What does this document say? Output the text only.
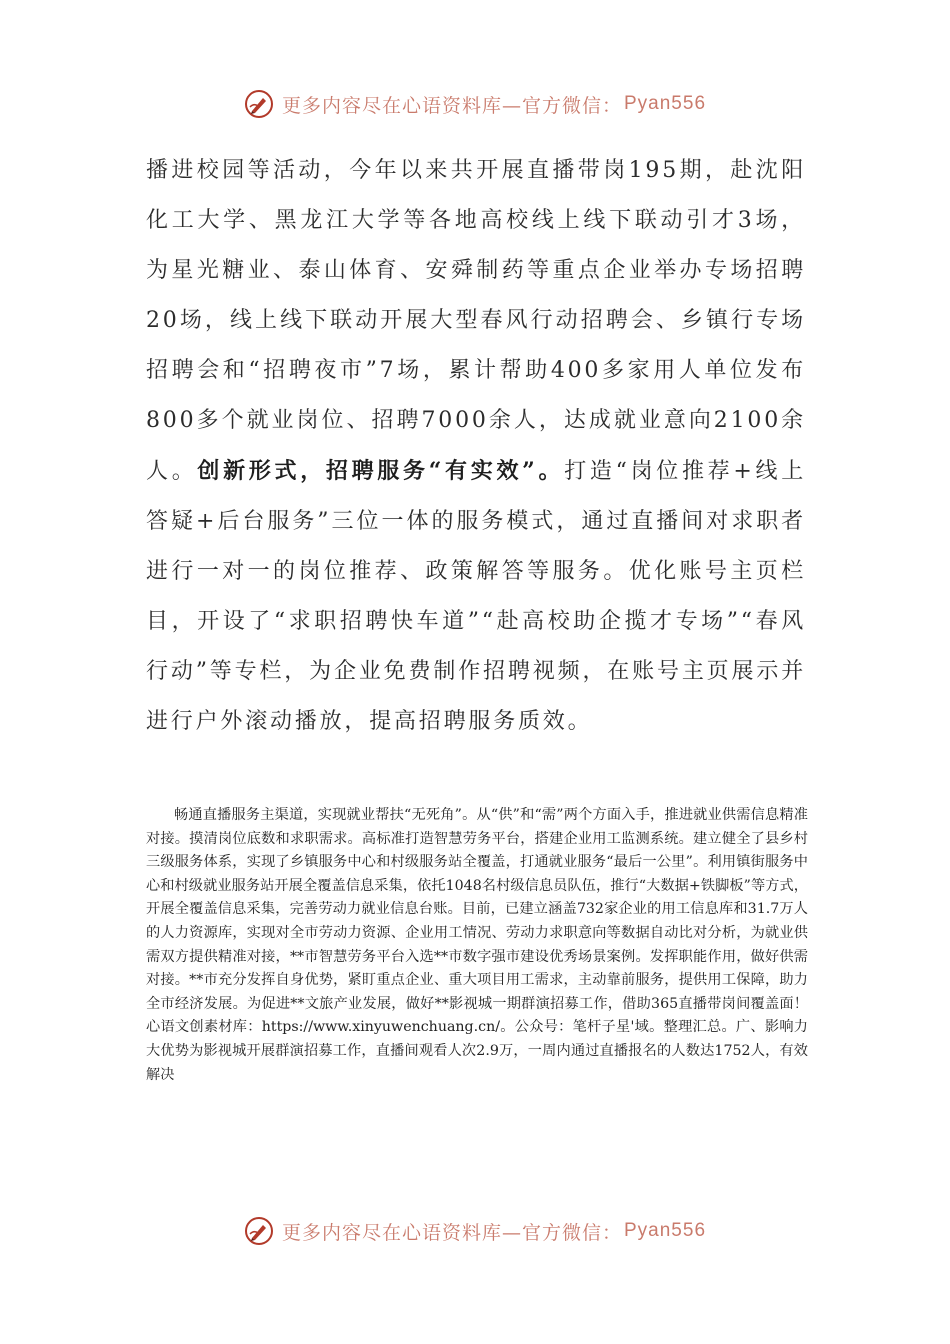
更多内容尽在心语资料库—官方微信： Pyan556

播进校园等活动，今年以来共开展直播带岗195期，赴沈阳化工大学、黑龙江大学等各地高校线上线下联动引才3场，为星光糖业、泰山体育、安舜制药等重点企业举办专场招聘20场，线上线下联动开展大型春风行动招聘会、乡镇行专场招聘会和“招聘夜市”7场，累计帮助400多家用人单位发布800多个就业岗位、招聘7000余人，达成就业意向2100余人。创新形式，招聘服务“有实效”。打造“岗位推荐+线上答疑+后台服务”三位一体的服务模式，通过直播间对求职者进行一对一的岗位推荐、政策解答等服务。优化账号主页栏目，开设了“求职招聘快车道”“赴高校助企揽才专场”“春风行动”等专栏，为企业免费制作招聘视频，在账号主页展示并进行户外滚动播放，提高招聘服务质效。

畅通直播服务主渠道，实现就业帮扶“无死角”。从“供”和“需”两个方面入手，推进就业供需信息精准对接。摸清岗位底数和求职需求。高标准打造智慧劳务平台，搭建企业用工监测系统。建立健全了县乡村三级服务体系，实现了乡镇服务中心和村级服务站全覆盖，打通就业服务“最后一公里”。利用镇街服务中心和村级就业服务站开展全覆盖信息采集，依托1048名村级信息员队伍，推行“大数据+铁脚板”等方式，开展全覆盖信息采集，完善劳动力就业信息台账。目前，已建立涵盖732家企业的用工信息库和31.7万人的人力资源库，实现对全市劳动力资源、企业用工情况、劳动力求职意向等数据自动比对分析，为就业供需双方提供精准对接，**市智慧劳务平台入选**市数字强市建设优秀场景案例。发挥职能作用，做好供需对接。**市充分发挥自身优势，紧盯重点企业、重大项目用工需求，主动靠前服务，提供用工保障，助力全市经济发展。为促进**文旅产业发展，做好**影视城一期群演招募工作，借助365直播带岗间覆盖面！心语文创素材库：https://www.xinyuwenchuang.cn/。公众号：笔杆子星'域。整理汇总。广、影响力大优势为影视城开展群演招募工作，直播间观看人次2.9万，一周内通过直播报名的人数达1752人，有效解决

更多内容尽在心语资料库—官方微信： Pyan556
